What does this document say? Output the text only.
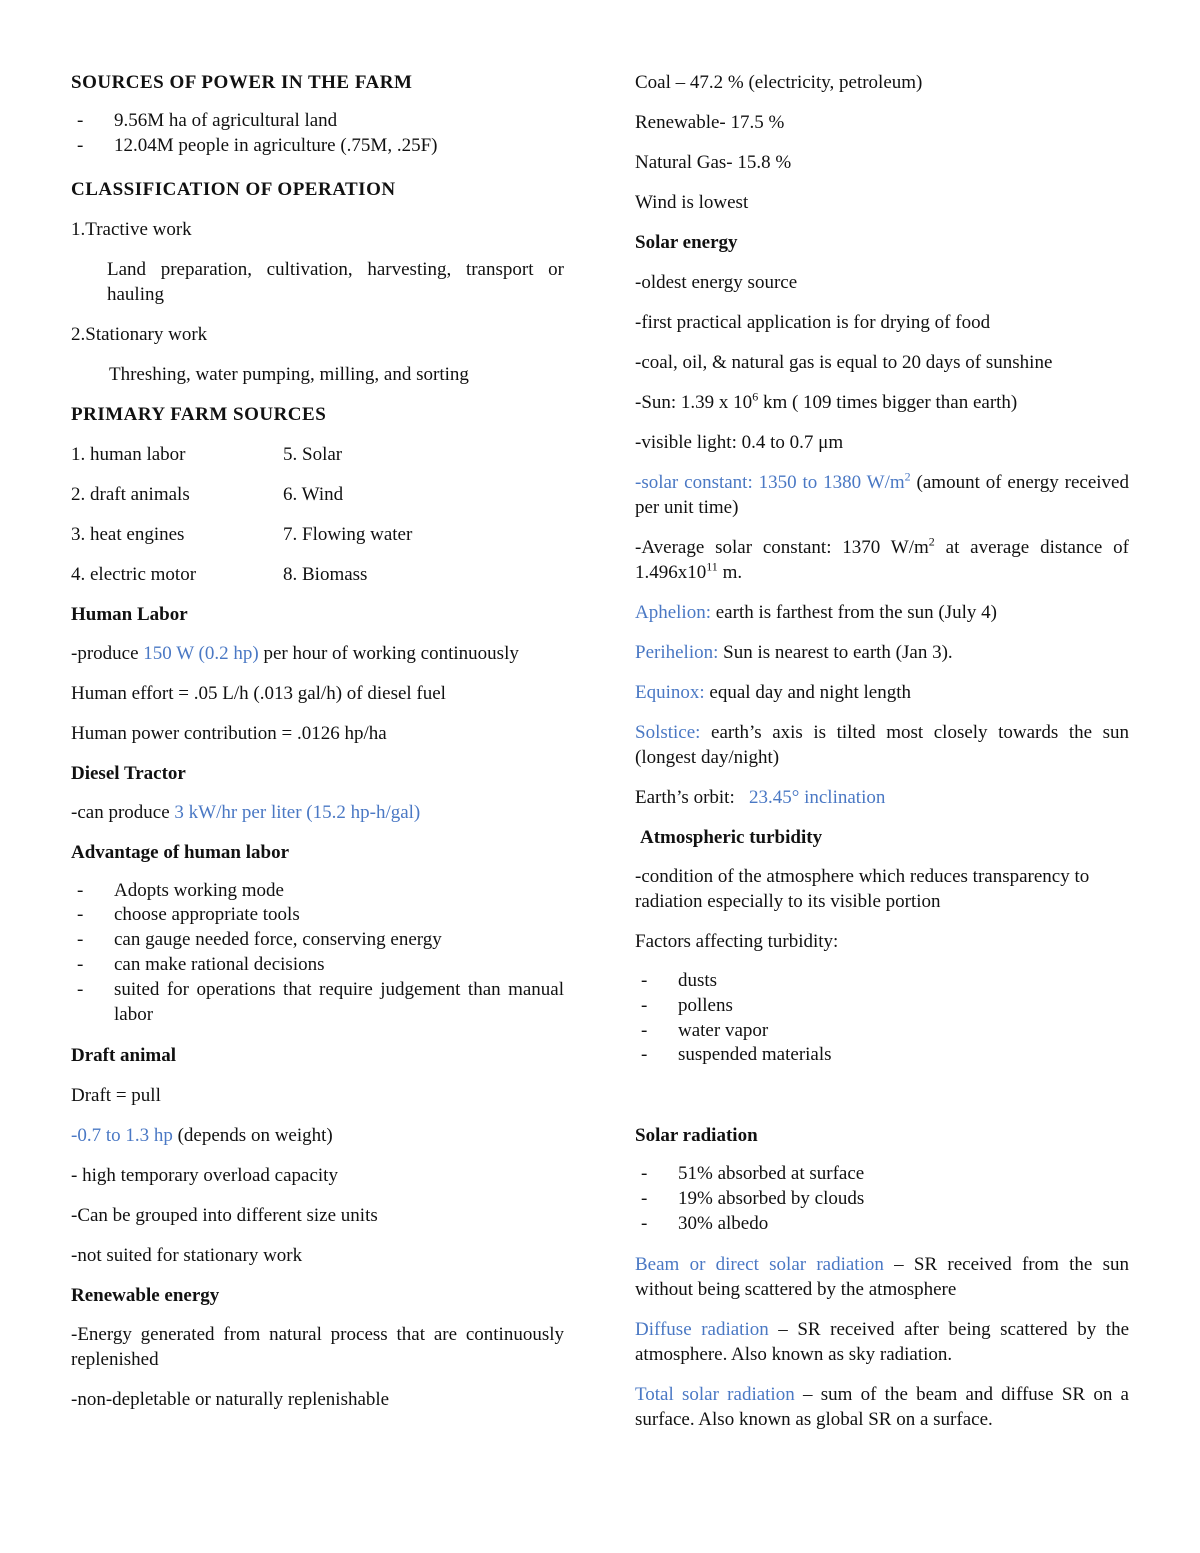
SOURCES OF POWER IN THE FARM
- 9.56M ha of agricultural land
- 12.04M people in agriculture (.75M, .25F)
CLASSIFICATION OF OPERATION
1.Tractive work
Land preparation, cultivation, harvesting, transport or hauling
2.Stationary work
Threshing, water pumping, milling, and sorting
PRIMARY FARM SOURCES
1. human labor	5. Solar
2. draft animals	6. Wind
3. heat engines	7. Flowing water
4. electric motor	8. Biomass
Human Labor
-produce 150 W (0.2 hp) per hour of working continuously
Human effort = .05 L/h (.013 gal/h) of diesel fuel
Human power contribution = .0126 hp/ha
Diesel Tractor
-can produce 3 kW/hr per liter (15.2 hp-h/gal)
Advantage of human labor
- Adopts working mode
- choose appropriate tools
- can gauge needed force, conserving energy
- can make rational decisions
- suited for operations that require judgement than manual labor
Draft animal
Draft = pull
-0.7 to 1.3 hp (depends on weight)
- high temporary overload capacity
-Can be grouped into different size units
-not suited for stationary work
Renewable energy
-Energy generated from natural process that are continuously replenished
-non-depletable or naturally replenishable
Coal – 47.2 % (electricity, petroleum)
Renewable- 17.5 %
Natural Gas- 15.8 %
Wind is lowest
Solar energy
-oldest energy source
-first practical application is for drying of food
-coal, oil, & natural gas is equal to 20 days of sunshine
-Sun: 1.39 x $10^6$ km ( 109 times bigger than earth)
-visible light: 0.4 to 0.7 μm
-solar constant: 1350 to 1380 $W/m^2$ (amount of energy received per unit time)
-Average solar constant: 1370 $W/m^2$ at average distance of $1.496x10^{11}$ m.
Aphelion: earth is farthest from the sun (July 4)
Perihelion: Sun is nearest to earth (Jan 3).
Equinox: equal day and night length
Solstice: earth’s axis is tilted most closely towards the sun (longest day/night)
Earth’s orbit:   23.45° inclination
Atmospheric turbidity
-condition of the atmosphere which reduces transparency to radiation especially to its visible portion
Factors affecting turbidity:
- dusts
- pollens
- water vapor
- suspended materials
Solar radiation
- 51% absorbed at surface
- 19% absorbed by clouds
- 30% albedo
Beam or direct solar radiation – SR received from the sun without being scattered by the atmosphere
Diffuse radiation – SR received after being scattered by the atmosphere. Also known as sky radiation.
Total solar radiation – sum of the beam and diffuse SR on a surface. Also known as global SR on a surface.
